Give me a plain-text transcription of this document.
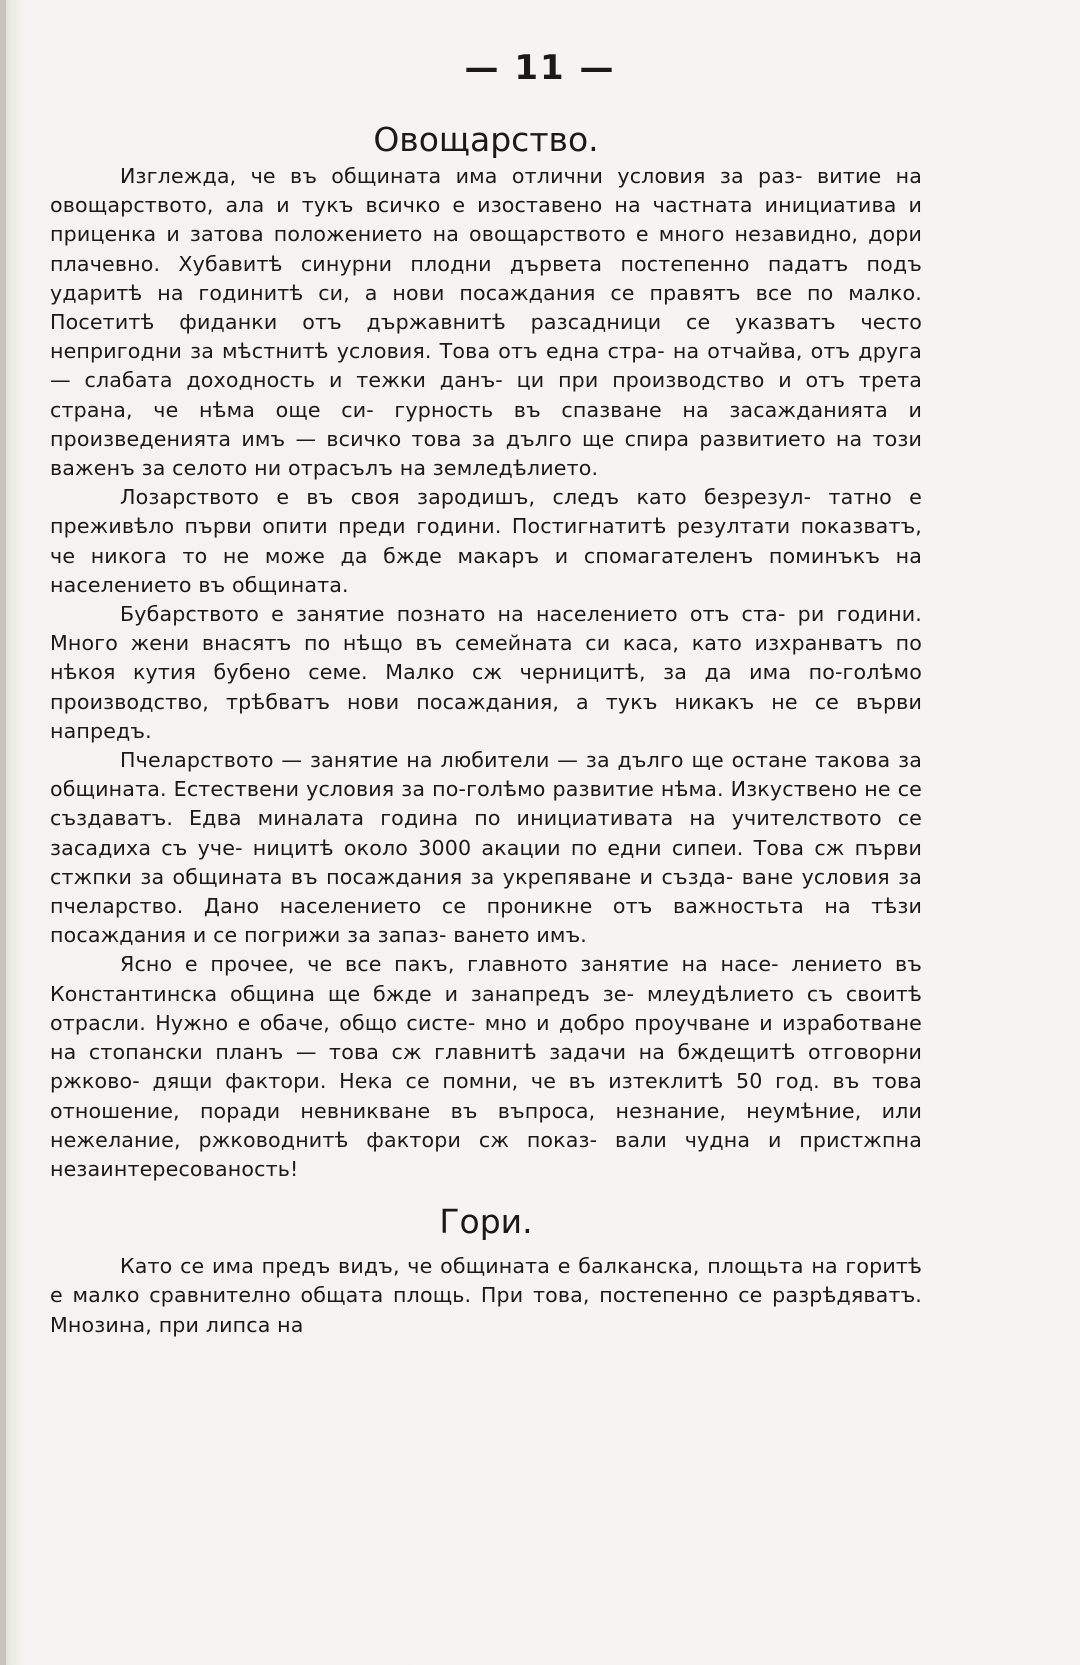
— 11 —
Овощарство.

Изглежда, че въ общината има отлични условия за раз- витие на овощарството, ала и тукъ всичко е изоставено на частната инициатива и приценка и затова положението на овощарството е много незавидно, дори плачевно. Хубавитѣ синурни плодни дървета постепенно падатъ подъ ударитѣ на годинитѣ си, а нови посаждания се правятъ все по малко. Посетитѣ фиданки отъ държавнитѣ разсадници се указватъ често непригодни за мѣстнитѣ условия. Това отъ една стра- на отчайва, отъ друга — слабата доходность и тежки данъ- ци при производство и отъ трета страна, че нѣма още си- гурность въ спазване на засажданията и произведенията имъ — всичко това за дълго ще спира развитието на този важенъ за селото ни отрасълъ на земледѣлието.

Лозарството е въ своя зародишъ, следъ като безрезул- татно е преживѣло първи опити преди години. Постигнатитѣ резултати показватъ, че никога то не може да бжде макаръ и спомагателенъ поминъкъ на населението въ общината.

Бубарството е занятие познато на населението отъ ста- ри години. Много жени внасятъ по нѣщо въ семейната си каса, като изхранватъ по нѣкоя кутия бубено семе. Малко сж черницитѣ, за да има по-голѣмо производство, трѣбватъ нови посаждания, а тукъ никакъ не се върви напредъ.

Пчеларството — занятие на любители — за дълго ще остане такова за общината. Естествени условия за по-голѣмо развитие нѣма. Изкуствено не се създаватъ. Едва миналата година по инициативата на учителството се засадиха съ уче- ницитѣ около 3000 акации по едни сипеи. Това сж първи стжпки за общината въ посаждания за укрепяване и създа- ване условия за пчеларство. Дано населението се проникне отъ важностьта на тѣзи посаждания и се погрижи за запаз- ването имъ.

Ясно е прочее, че все пакъ, главното занятие на насе- лението въ Константинска община ще бжде и занапредъ зе- млеудѣлието съ своитѣ отрасли. Нужно е обаче, общо систе- мно и добро проучване и изработване на стопански планъ — това сж главнитѣ задачи на бждещитѣ отговорни ржково- дящи фактори. Нека се помни, че въ изтеклитѣ 50 год. въ това отношение, поради невникване въ въпроса, незнание, неумѣние, или нежелание, ржководнитѣ фактори сж показ- вали чудна и пристжпна незаинтересованость!

Гори.

Като се има предъ видъ, че общината е балканска, площьта на горитѣ е малко сравнително общата площь. При това, постепенно се разрѣдяватъ. Мнозина, при липса на
